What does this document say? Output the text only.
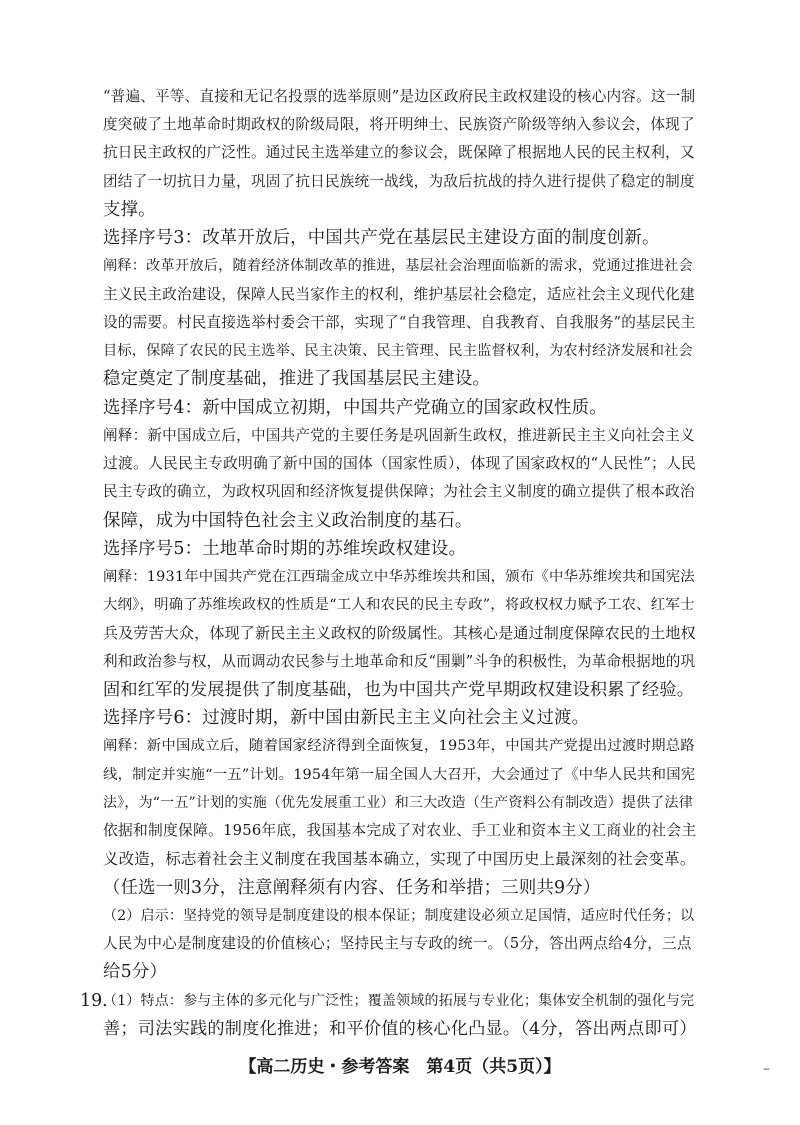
“普遍、平等、直接和无记名投票的选举原则”是边区政府民主政权建设的核心内容。这一制
度突破了土地革命时期政权的阶级局限，将开明绅士、民族资产阶级等纳入参议会，体现了
抗日民主政权的广泛性。通过民主选举建立的参议会，既保障了根据地人民的民主权利，又
团结了一切抗日力量，巩固了抗日民族统一战线，为敌后抗战的持久进行提供了稳定的制度
支撑。
选择序号3：改革开放后，中国共产党在基层民主建设方面的制度创新。
阐释：改革开放后，随着经济体制改革的推进，基层社会治理面临新的需求，党通过推进社会
主义民主政治建设，保障人民当家作主的权利，维护基层社会稳定，适应社会主义现代化建
设的需要。村民直接选举村委会干部，实现了“自我管理、自我教育、自我服务”的基层民主
目标，保障了农民的民主选举、民主决策、民主管理、民主监督权利，为农村经济发展和社会
稳定奠定了制度基础，推进了我国基层民主建设。
选择序号4：新中国成立初期，中国共产党确立的国家政权性质。
阐释：新中国成立后，中国共产党的主要任务是巩固新生政权，推进新民主主义向社会主义
过渡。人民民主专政明确了新中国的国体（国家性质），体现了国家政权的“人民性”；人民
民主专政的确立，为政权巩固和经济恢复提供保障；为社会主义制度的确立提供了根本政治
保障，成为中国特色社会主义政治制度的基石。
选择序号5：土地革命时期的苏维埃政权建设。
阐释：1931年中国共产党在江西瑞金成立中华苏维埃共和国，颁布《中华苏维埃共和国宪法
大纲》，明确了苏维埃政权的性质是“工人和农民的民主专政”，将政权权力赋予工农、红军士
兵及劳苦大众，体现了新民主主义政权的阶级属性。其核心是通过制度保障农民的土地权
利和政治参与权，从而调动农民参与土地革命和反“围剿”斗争的积极性，为革命根据地的巩
固和红军的发展提供了制度基础，也为中国共产党早期政权建设积累了经验。
选择序号6：过渡时期，新中国由新民主主义向社会主义过渡。
阐释：新中国成立后，随着国家经济得到全面恢复，1953年，中国共产党提出过渡时期总路
线，制定并实施“一五”计划。1954年第一届全国人大召开，大会通过了《中华人民共和国宪
法》，为“一五”计划的实施（优先发展重工业）和三大改造（生产资料公有制改造）提供了法律
依据和制度保障。1956年底，我国基本完成了对农业、手工业和资本主义工商业的社会主
义改造，标志着社会主义制度在我国基本确立，实现了中国历史上最深刻的社会变革。
（任选一则3分，注意阐释须有内容、任务和举措；三则共9分）
（2）启示：坚持党的领导是制度建设的根本保证；制度建设必须立足国情，适应时代任务；以
人民为中心是制度建设的价值核心；坚持民主与专政的统一。（5分，答出两点给4分，三点
给5分）
19.
（1）特点：参与主体的多元化与广泛性；覆盖领域的拓展与专业化；集体安全机制的强化与完
善；司法实践的制度化推进；和平价值的核心化凸显。（4分，答出两点即可）
【高二历史・参考答案　第4页（共5页）】	–
